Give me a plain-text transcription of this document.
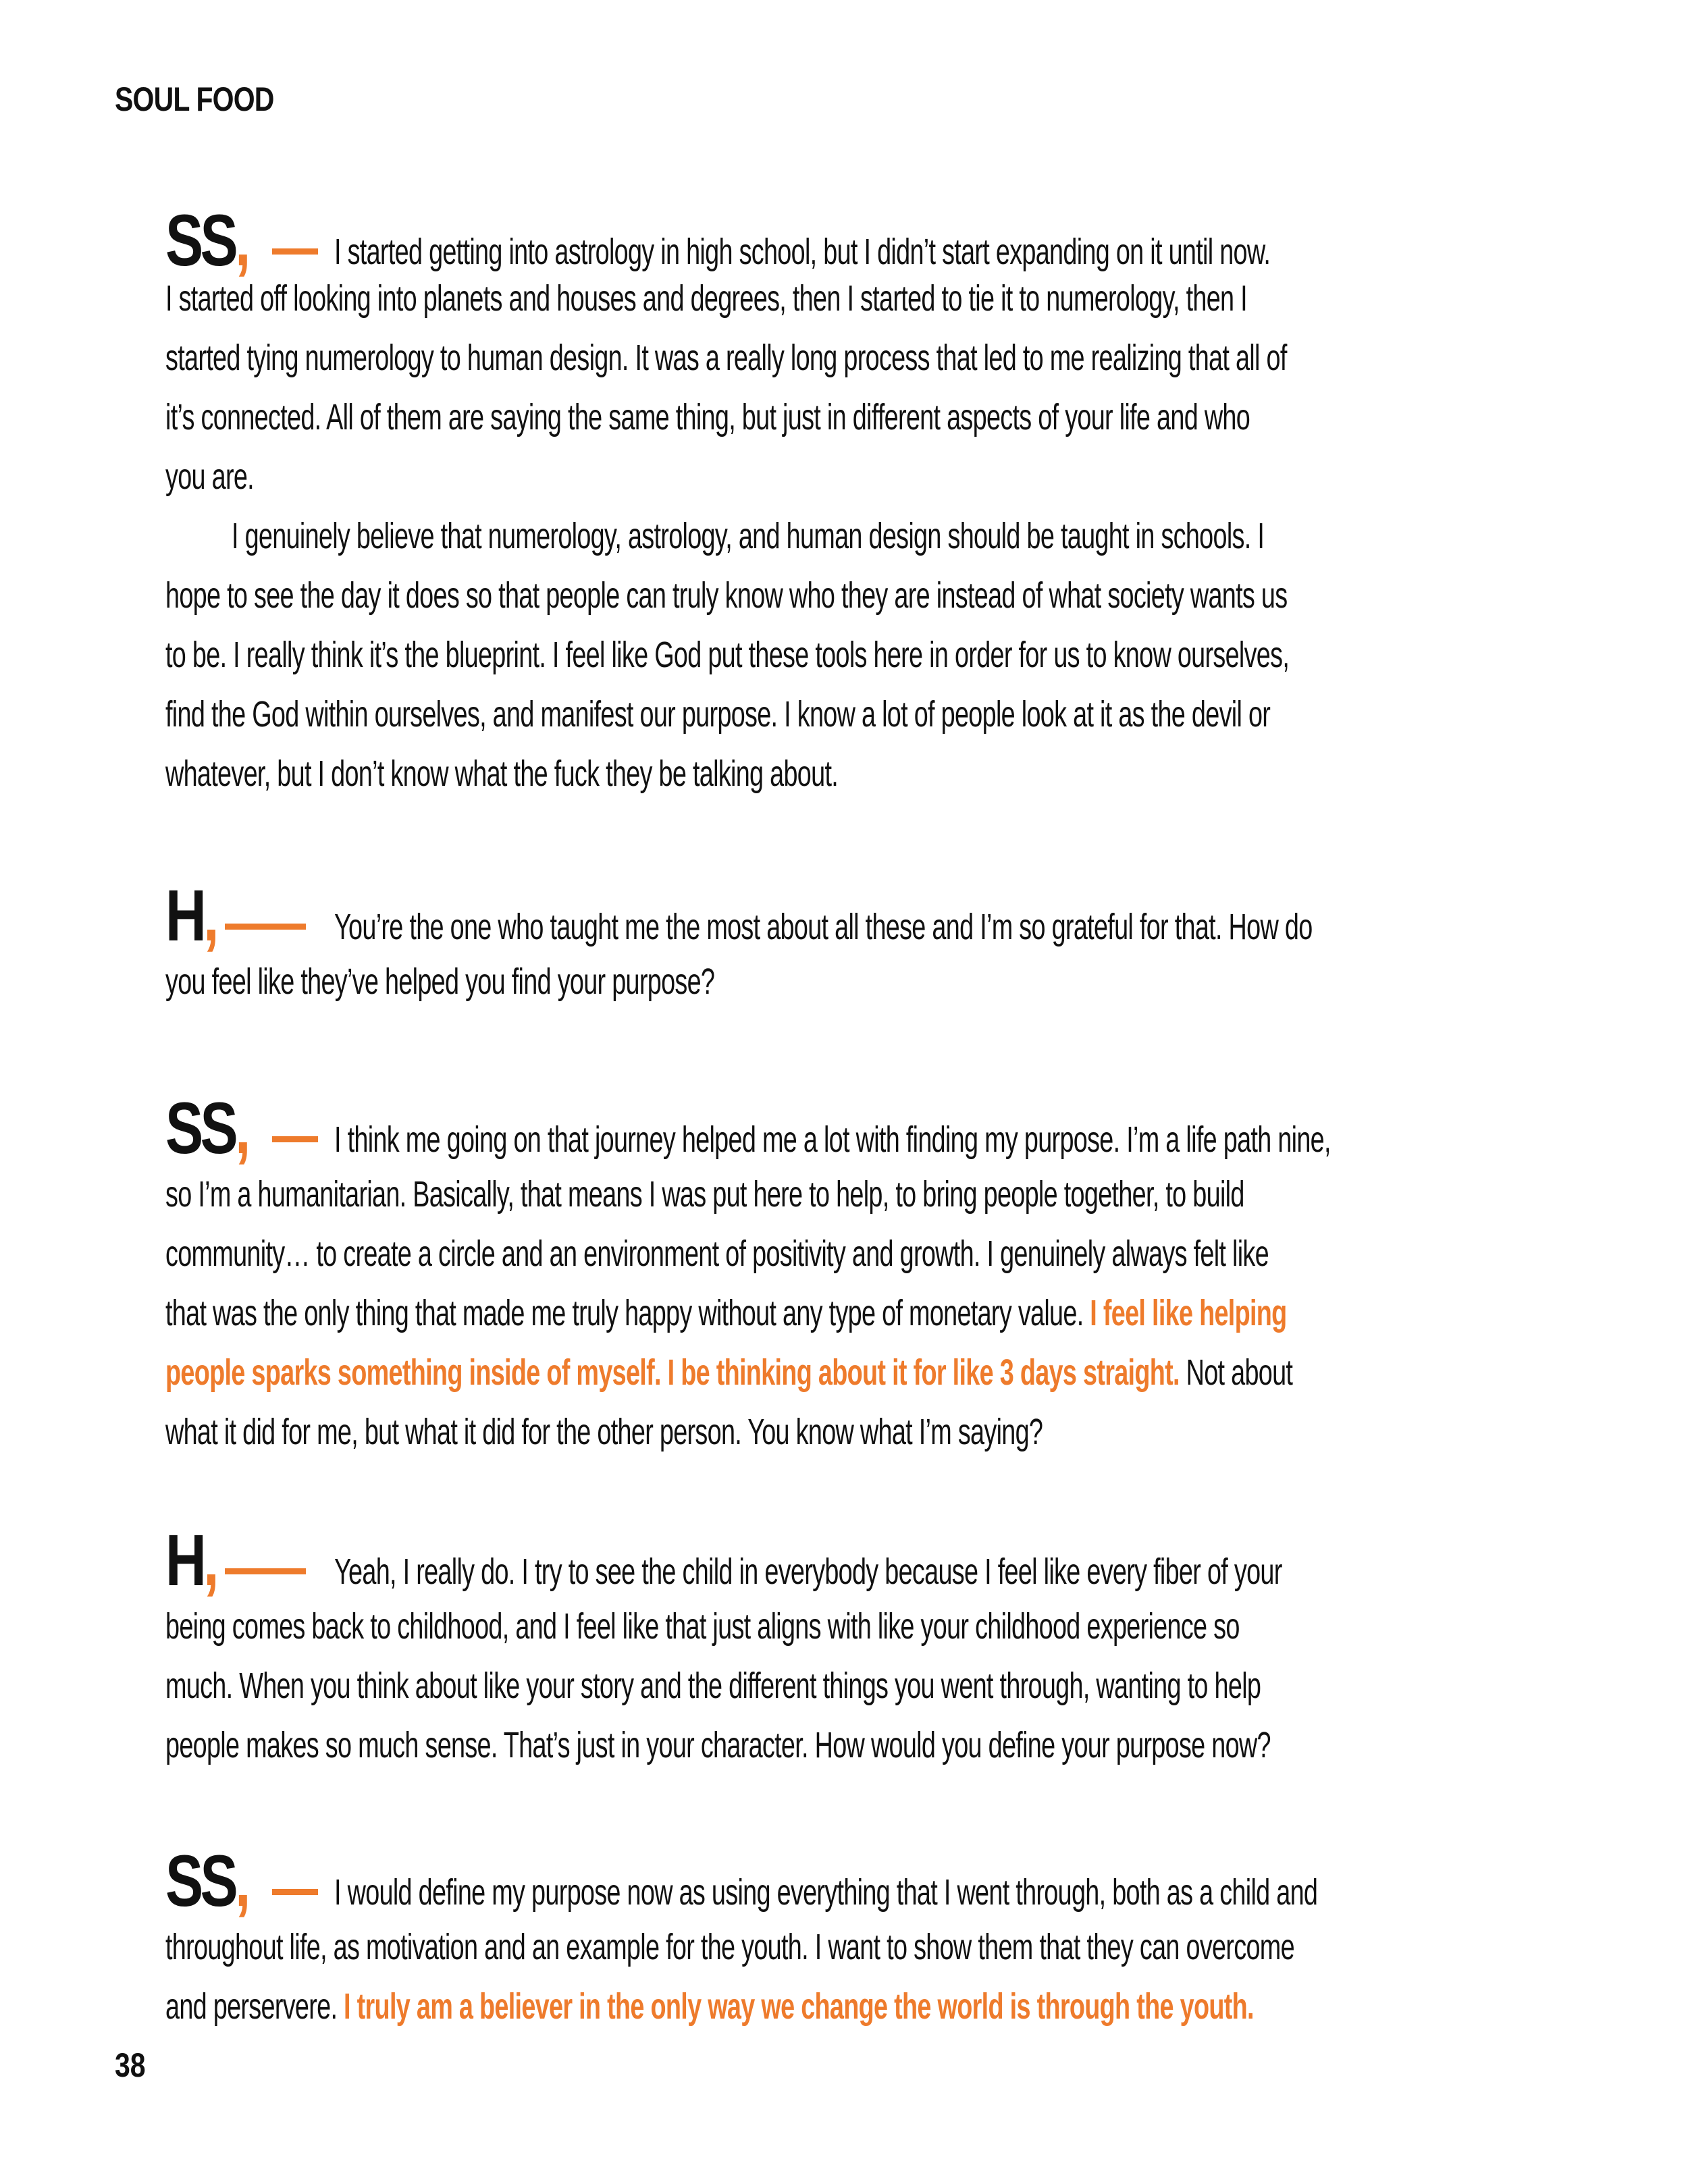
SOUL FOOD
SS, I started getting into astrology in high school, but I didn’t start expanding on it until now.
I started off looking into planets and houses and degrees, then I started to tie it to numerology, then I
started tying numerology to human design. It was a really long process that led to me realizing that all of
it’s connected. All of them are saying the same thing, but just in different aspects of your life and who
you are.
I genuinely believe that numerology, astrology, and human design should be taught in schools. I
hope to see the day it does so that people can truly know who they are instead of what society wants us
to be. I really think it’s the blueprint. I feel like God put these tools here in order for us to know ourselves,
find the God within ourselves, and manifest our purpose. I know a lot of people look at it as the devil or
whatever, but I don’t know what the fuck they be talking about.
H,	You’re the one who taught me the most about all these and I’m so grateful for that. How do
you feel like they’ve helped you find your purpose?
SS, I think me going on that journey helped me a lot with finding my purpose. I’m a life path nine,
so I’m a humanitarian. Basically, that means I was put here to help, to bring people together, to build
community… to create a circle and an environment of positivity and growth. I genuinely always felt like
that was the only thing that made me truly happy without any type of monetary value. I feel like helping
people sparks something inside of myself. I be thinking about it for like 3 days straight. Not about
what it did for me, but what it did for the other person. You know what I’m saying?
H,	Yeah, I really do. I try to see the child in everybody because I feel like every fiber of your
being comes back to childhood, and I feel like that just aligns with like your childhood experience so
much. When you think about like your story and the different things you went through, wanting to help
people makes so much sense. That’s just in your character. How would you define your purpose now?
SS, I would define my purpose now as using everything that I went through, both as a child and
throughout life, as motivation and an example for the youth. I want to show them that they can overcome
and perservere. I truly am a believer in the only way we change the world is through the youth.
38
